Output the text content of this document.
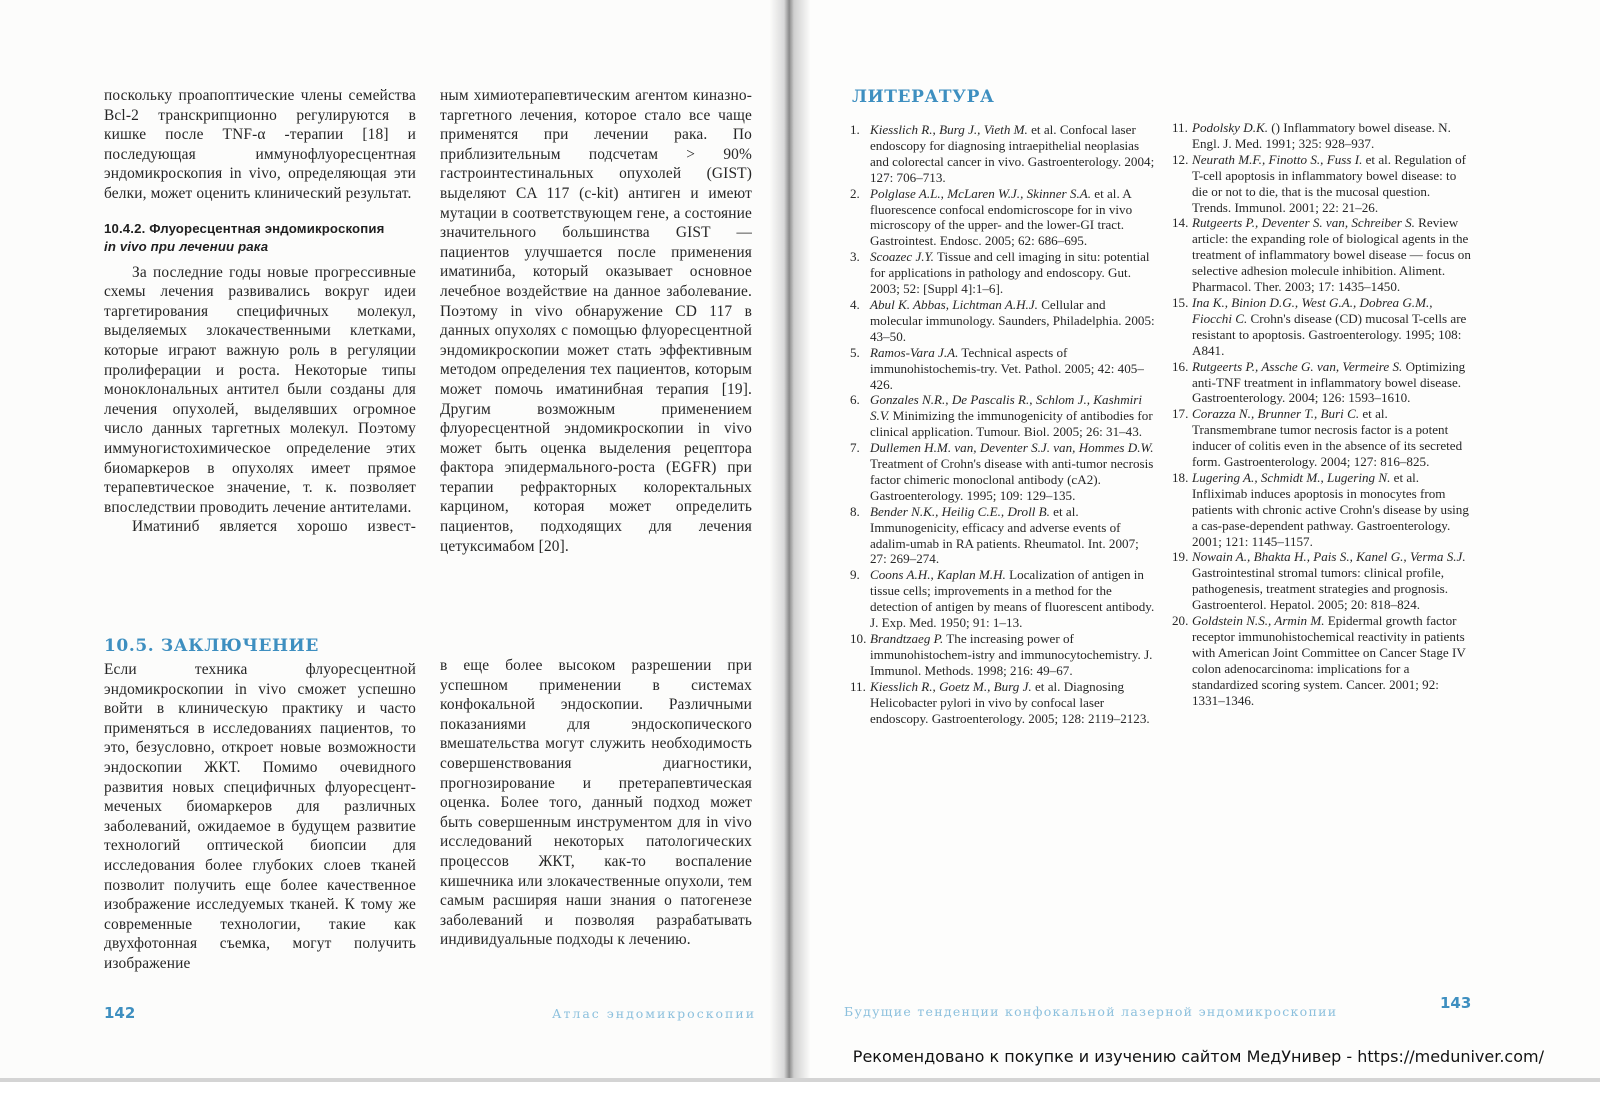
поскольку проапоптические члены семейства Bcl-2 транскрипционно регулируются в кишке после TNF-α -терапии [18] и последующая иммунофлуоресцентная эндомикроскопия in vivo, определяющая эти белки, может оценить клинический результат.

10.4.2. Флуоресцентная эндомикроскопия
in vivo при лечении рака

За последние годы новые прогрессивные схемы лечения развивались вокруг идеи таргетирования специфичных молекул, выделяемых злокачественными клетками, которые играют важную роль в регуляции пролиферации и роста. Некоторые типы моноклональных антител были созданы для лечения опухолей, выделявших огромное число данных таргетных молекул. Поэтому иммуногистохимическое определение этих биомаркеров в опухолях имеет прямое терапевтическое значение, т. к. позволяет впоследствии проводить лечение антителами.

Иматиниб является хорошо извест-

ным химиотерапевтическим агентом киназно-таргетного лечения, которое стало все чаще применятся при лечении рака. По приблизительным подсчетам > 90% гастроинтестинальных опухолей (GIST) выделяют CA 117 (c-kit) антиген и имеют мутации в соответствующем гене, а состояние значительного большинства GIST — пациентов улучшается после применения иматиниба, который оказывает основное лечебное воздействие на данное заболевание. Поэтому in vivo обнаружение CD 117 в данных опухолях с помощью флуоресцентной эндомикроскопии может стать эффективным методом определения тех пациентов, которым может помочь иматинибная терапия [19]. Другим возможным применением флуоресцентной эндомикроскопии in vivo может быть оценка выделения рецептора фактора эпидермального-роста (EGFR) при терапии рефракторных колоректальных карцином, которая может определить пациентов, подходящих для лечения цетуксимабом [20].

10.5. ЗАКЛЮЧЕНИЕ

Если техника флуоресцентной эндомикроскопии in vivo сможет успешно войти в клиническую практику и часто применяться в исследованиях пациентов, то это, безусловно, откроет новые возможности эндоскопии ЖКТ. Помимо очевидного развития новых специфичных флуоресцент-меченых биомаркеров для различных заболеваний, ожидаемое в будущем развитие технологий оптической биопсии для исследования более глубоких слоев тканей позволит получить еще более качественное изображение исследуемых тканей. К тому же современные технологии, такие как двухфотонная съемка, могут получить изображение

в еще более высоком разрешении при успешном применении в системах конфокальной эндоскопии. Различными показаниями для эндоскопического вмешательства могут служить необходимость совершенствования диагностики, прогнозирование и претерапевтическая оценка. Более того, данный подход может быть совершенным инструментом для in vivo исследований некоторых патологических процессов ЖКТ, как-то воспаление кишечника или злокачественные опухоли, тем самым расширяя наши знания о патогенезе заболеваний и позволяя разрабатывать индивидуальные подходы к лечению.

142	Атлас эндомикроскопии
ЛИТЕРАТУРА
1. Kiesslich R., Burg J., Vieth M. et al. Confocal laser endoscopy for diagnosing intraepithelial neoplasias and colorectal cancer in vivo. Gastroenterology. 2004; 127: 706–713.
2. Polglase A.L., McLaren W.J., Skinner S.A. et al. A fluorescence confocal endomicroscope for in vivo microscopy of the upper- and the lower-GI tract. Gastrointest. Endosc. 2005; 62: 686–695.
3. Scoazec J.Y. Tissue and cell imaging in situ: potential for applications in pathology and endoscopy. Gut. 2003; 52: [Suppl 4]:1–6].
4. Abul K. Abbas, Lichtman A.H.J. Cellular and molecular immunology. Saunders, Philadelphia. 2005: 43–50.
5. Ramos-Vara J.A. Technical aspects of immunohistochemis-try. Vet. Pathol. 2005; 42: 405–426.
6. Gonzales N.R., De Pascalis R., Schlom J., Kashmiri S.V. Minimizing the immunogenicity of antibodies for clinical application. Tumour. Biol. 2005; 26: 31–43.
7. Dullemen H.M. van, Deventer S.J. van, Hommes D.W. Treatment of Crohn's disease with anti-tumor necrosis factor chimeric monoclonal antibody (cA2). Gastroenterology. 1995; 109: 129–135.
8. Bender N.K., Heilig C.E., Droll B. et al. Immunogenicity, efficacy and adverse events of adalim-umab in RA patients. Rheumatol. Int. 2007; 27: 269–274.
9. Coons A.H., Kaplan M.H. Localization of antigen in tissue cells; improvements in a method for the detection of antigen by means of fluorescent antibody. J. Exp. Med. 1950; 91: 1–13.
10. Brandtzaeg P. The increasing power of immunohistochem-istry and immunocytochemistry. J. Immunol. Methods. 1998; 216: 49–67.
11. Kiesslich R., Goetz M., Burg J. et al. Diagnosing Helicobacter pylori in vivo by confocal laser endoscopy. Gastroenterology. 2005; 128: 2119–2123.
11. Podolsky D.K. () Inflammatory bowel disease. N. Engl. J. Med. 1991; 325: 928–937.
12. Neurath M.F., Finotto S., Fuss I. et al. Regulation of T-cell apoptosis in inflammatory bowel disease: to die or not to die, that is the mucosal question. Trends. Immunol. 2001; 22: 21–26.
14. Rutgeerts P., Deventer S. van, Schreiber S. Review article: the expanding role of biological agents in the treatment of inflammatory bowel disease — focus on selective adhesion molecule inhibition. Aliment. Pharmacol. Ther. 2003; 17: 1435–1450.
15. Ina K., Binion D.G., West G.A., Dobrea G.M., Fiocchi C. Crohn's disease (CD) mucosal T-cells are resistant to apoptosis. Gastroenterology. 1995; 108: A841.
16. Rutgeerts P., Assche G. van, Vermeire S. Optimizing anti-TNF treatment in inflammatory bowel disease. Gastroenterology. 2004; 126: 1593–1610.
17. Corazza N., Brunner T., Buri C. et al. Transmembrane tumor necrosis factor is a potent inducer of colitis even in the absence of its secreted form. Gastroenterology. 2004; 127: 816–825.
18. Lugering A., Schmidt M., Lugering N. et al. Infliximab induces apoptosis in monocytes from patients with chronic active Crohn's disease by using a cas-pase-dependent pathway. Gastroenterology. 2001; 121: 1145–1157.
19. Nowain A., Bhakta H., Pais S., Kanel G., Verma S.J. Gastrointestinal stromal tumors: clinical profile, pathogenesis, treatment strategies and prognosis. Gastroenterol. Hepatol. 2005; 20: 818–824.
20. Goldstein N.S., Armin M. Epidermal growth factor receptor immunohistochemical reactivity in patients with American Joint Committee on Cancer Stage IV colon adenocarcinoma: implications for a standardized scoring system. Cancer. 2001; 92: 1331–1346.
Будущие тенденции конфокальной лазерной эндомикроскопии	143
Рекомендовано к покупке и изучению сайтом МедУнивер - https://meduniver.com/
